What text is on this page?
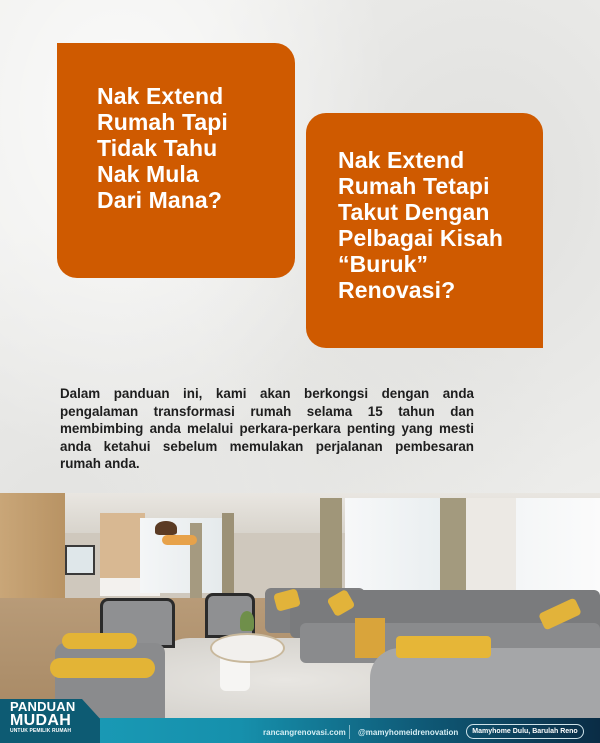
Nak Extend
Rumah Tapi
Tidak Tahu
Nak Mula
Dari Mana?
Nak Extend
Rumah Tetapi
Takut Dengan
Pelbagai Kisah
“Buruk”
Renovasi?

Dalam panduan ini, kami akan berkongsi dengan anda pengalaman transformasi rumah selama 15 tahun dan membimbing anda melalui perkara-perkara penting yang mesti anda ketahui sebelum memulakan perjalanan pembesaran rumah anda.

PANDUAN
MUDAH
UNTUK PEMILIK RUMAH	rancangrenovasi.com @mamyhomeidrenovation	Mamyhome Dulu, Barulah Reno
